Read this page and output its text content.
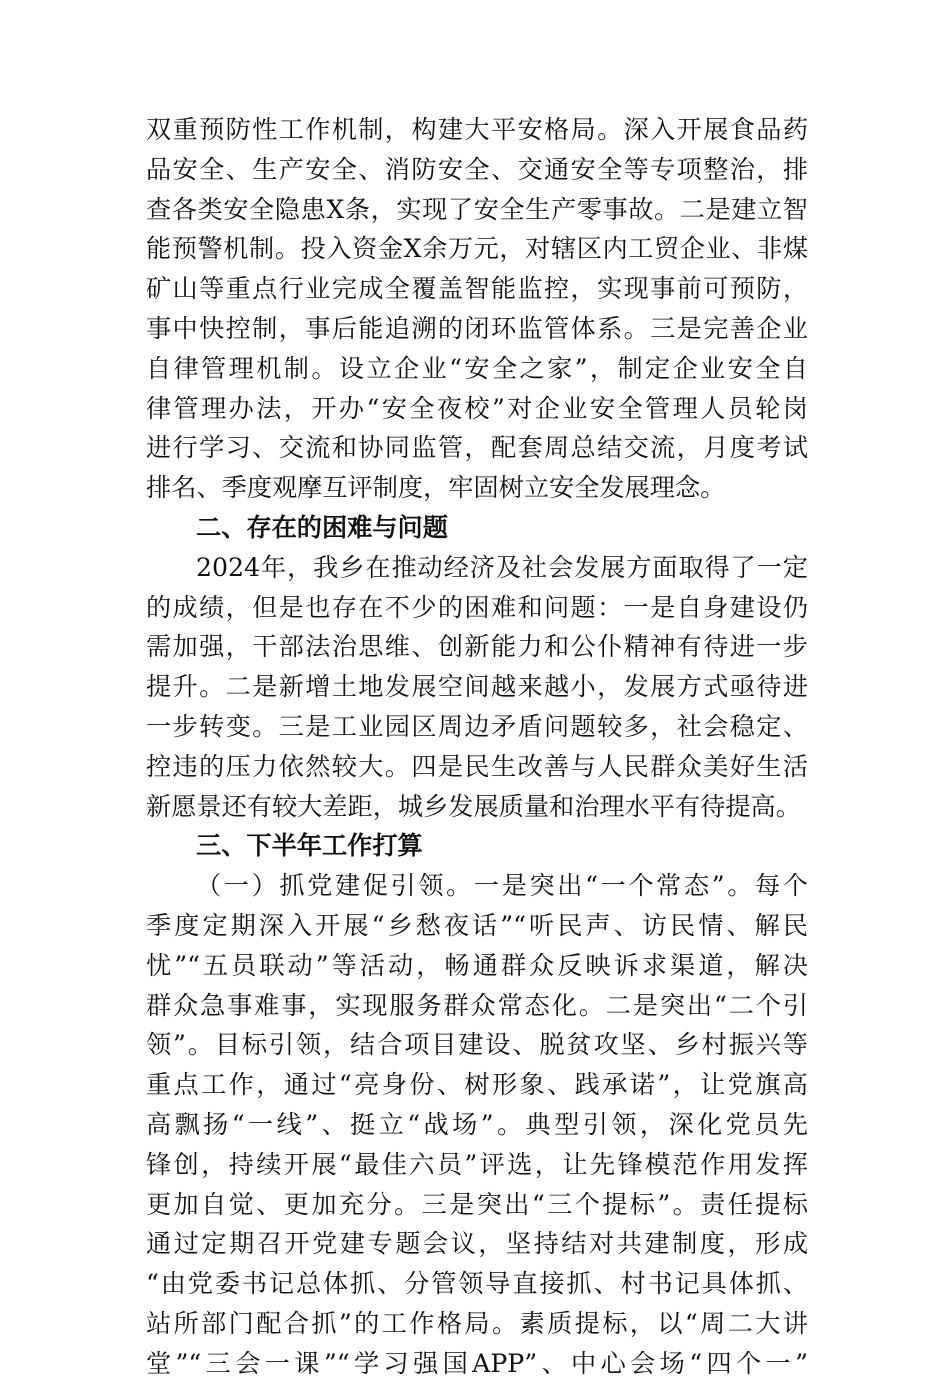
双重预防性工作机制，构建大平安格局。深入开展食品药
品安全、生产安全、消防安全、交通安全等专项整治，排
查各类安全隐患X条，实现了安全生产零事故。二是建立智
能预警机制。投入资金X余万元，对辖区内工贸企业、非煤
矿山等重点行业完成全覆盖智能监控，实现事前可预防，
事中快控制，事后能追溯的闭环监管体系。三是完善企业
自律管理机制。设立企业“安全之家”，制定企业安全自
律管理办法，开办“安全夜校”对企业安全管理人员轮岗
进行学习、交流和协同监管，配套周总结交流，月度考试
排名、季度观摩互评制度，牢固树立安全发展理念。
二、存在的困难与问题
2024年，我乡在推动经济及社会发展方面取得了一定
的成绩，但是也存在不少的困难和问题：一是自身建设仍
需加强，干部法治思维、创新能力和公仆精神有待进一步
提升。二是新增土地发展空间越来越小，发展方式亟待进
一步转变。三是工业园区周边矛盾问题较多，社会稳定、
控违的压力依然较大。四是民生改善与人民群众美好生活
新愿景还有较大差距，城乡发展质量和治理水平有待提高。
三、下半年工作打算
（一）抓党建促引领。一是突出“一个常态”。每个
季度定期深入开展“乡愁夜话”“听民声、访民情、解民
忧”“五员联动”等活动，畅通群众反映诉求渠道，解决
群众急事难事，实现服务群众常态化。二是突出“二个引
领”。目标引领，结合项目建设、脱贫攻坚、乡村振兴等
重点工作，通过“亮身份、树形象、践承诺”，让党旗高
高飘扬“一线”、挺立“战场”。典型引领，深化党员先
锋创，持续开展“最佳六员”评选，让先锋模范作用发挥
更加自觉、更加充分。三是突出“三个提标”。责任提标
通过定期召开党建专题会议，坚持结对共建制度，形成
“由党委书记总体抓、分管领导直接抓、村书记具体抓、
站所部门配合抓”的工作格局。素质提标，以“周二大讲
堂”“三会一课”“学习强国APP”、中心会场“四个一”
